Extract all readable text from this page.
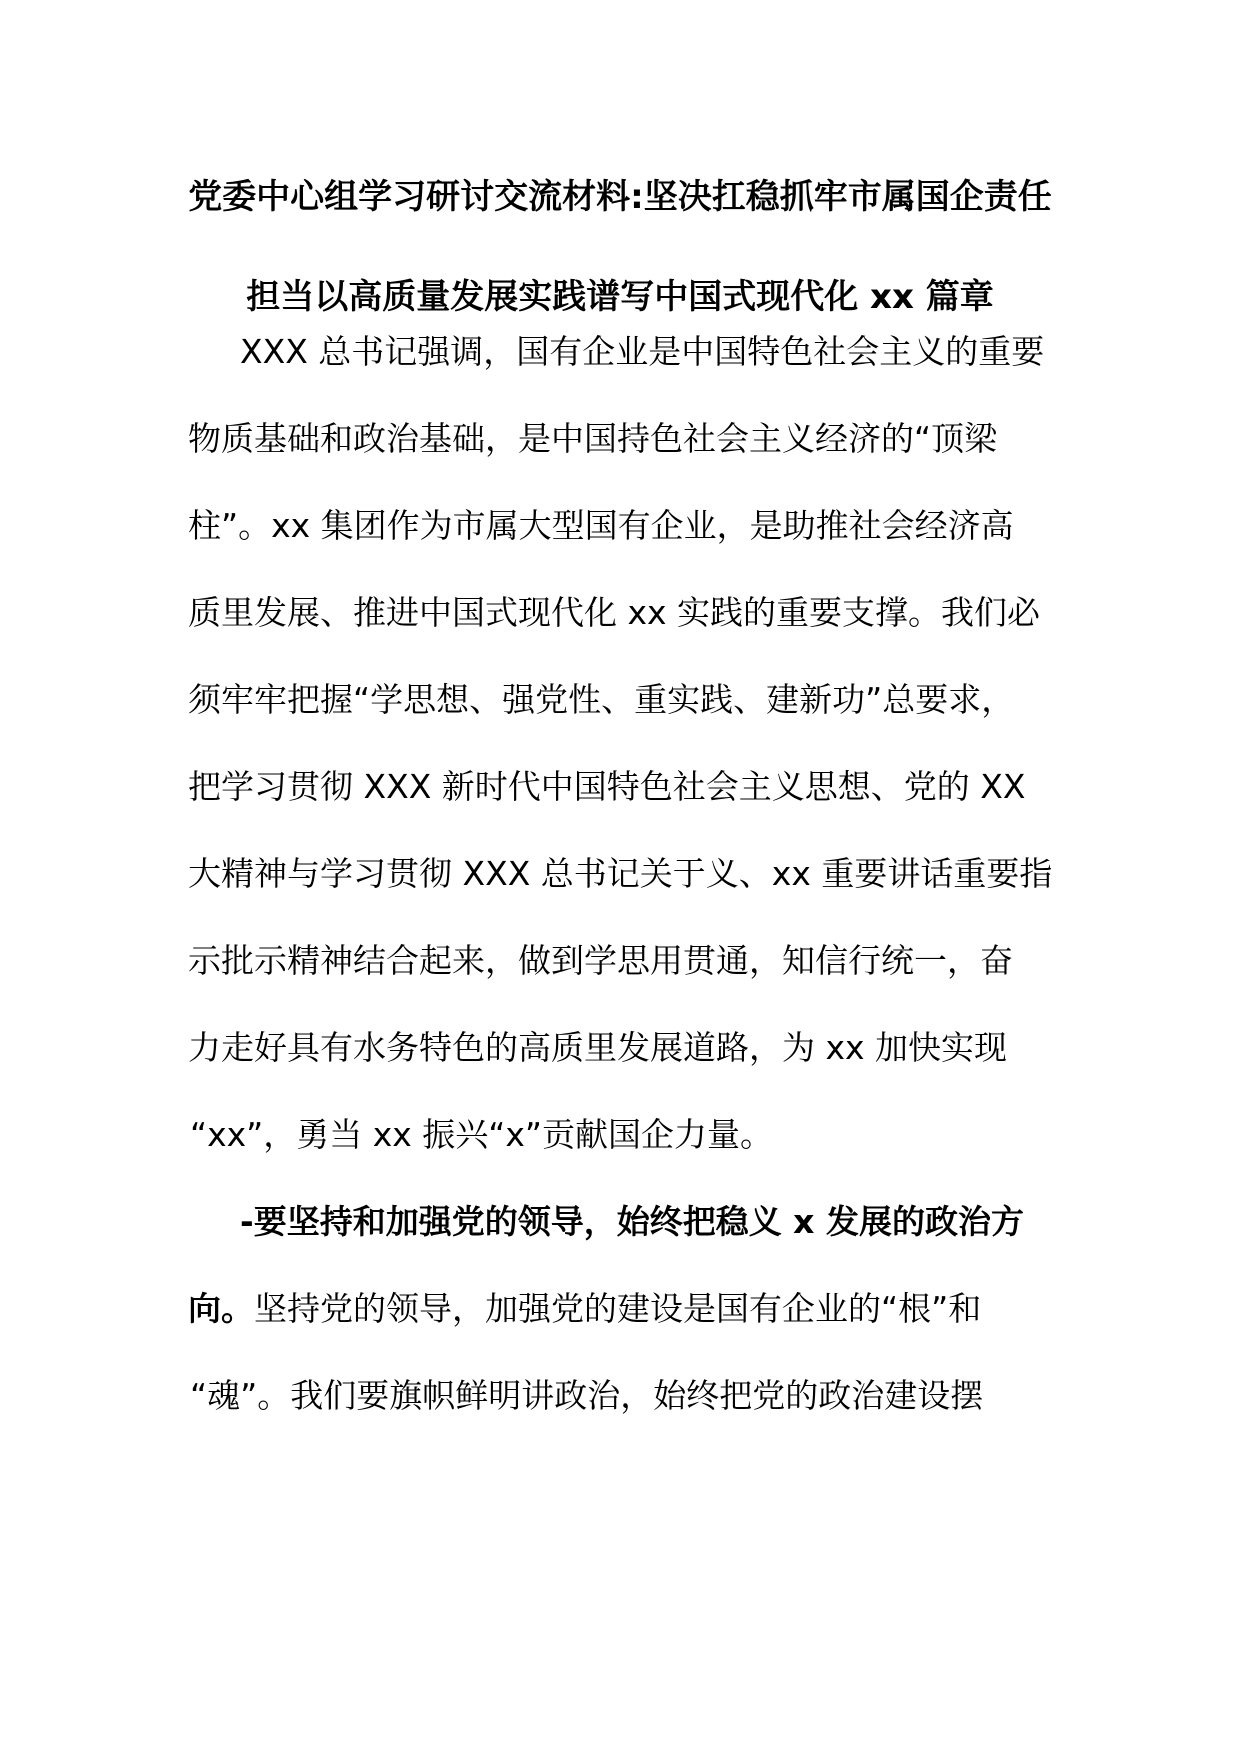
党委中心组学习研讨交流材料:坚决扛稳抓牢市属国企责任
担当以高质量发展实践谱写中国式现代化 xx 篇章
XXX 总书记强调，国有企业是中国特色社会主义的重要
物质基础和政治基础，是中国持色社会主义经济的“顶梁
柱”。xx 集团作为市属大型国有企业，是助推社会经济高
质里发展、推进中国式现代化 xx 实践的重要支撑。我们必
须牢牢把握“学思想、强党性、重实践、建新功”总要求，
把学习贯彻 XXX 新时代中国特色社会主义思想、党的 XX
大精神与学习贯彻 XXX 总书记关于义、xx 重要讲话重要指
示批示精神结合起来，做到学思用贯通，知信行统一，奋
力走好具有水务特色的高质里发展道路，为 xx 加快实现
“xx”，勇当 xx 振兴“x”贡献国企力量。
-要坚持和加强党的领导，始终把稳义 x 发展的政治方
向。坚持党的领导，加强党的建设是国有企业的“根”和
“魂”。我们要旗帜鲜明讲政治，始终把党的政治建设摆
